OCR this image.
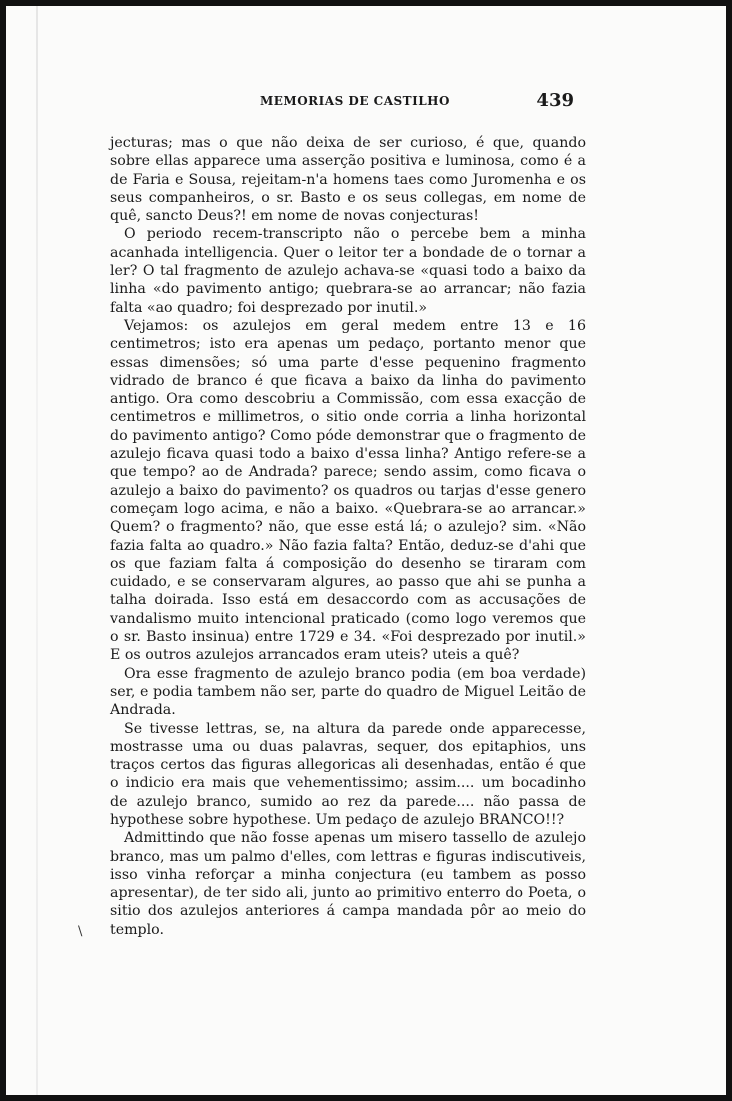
MEMORIAS DE CASTILHO	439

jecturas; mas o que não deixa de ser curioso, é que, quando sobre ellas apparece uma asserção positiva e luminosa, como é a de Faria e Sousa, rejeitam-n'a homens taes como Juromenha e os seus companheiros, o sr. Basto e os seus collegas, em nome de quê, sancto Deus?! em nome de novas conjecturas!

O periodo recem-transcripto não o percebe bem a minha acanhada intelligencia. Quer o leitor ter a bondade de o tornar a ler? O tal fragmento de azulejo achava-se «quasi todo a baixo da linha «do pavimento antigo; quebrara-se ao arrancar; não fazia falta «ao quadro; foi desprezado por inutil.»

Vejamos: os azulejos em geral medem entre 13 e 16 centimetros; isto era apenas um pedaço, portanto menor que essas dimensões; só uma parte d'esse pequenino fragmento vidrado de branco é que ficava a baixo da linha do pavimento antigo. Ora como descobriu a Commissão, com essa exacção de centimetros e millimetros, o sitio onde corria a linha horizontal do pavimento antigo? Como póde demonstrar que o fragmento de azulejo ficava quasi todo a baixo d'essa linha? Antigo refere-se a que tempo? ao de Andrada? parece; sendo assim, como ficava o azulejo a baixo do pavimento? os quadros ou tarjas d'esse genero começam logo acima, e não a baixo. «Quebrara-se ao arrancar.» Quem? o fragmento? não, que esse está lá; o azulejo? sim. «Não fazia falta ao quadro.» Não fazia falta? Então, deduz-se d'ahi que os que faziam falta á composição do desenho se tiraram com cuidado, e se conservaram algures, ao passo que ahi se punha a talha doirada. Isso está em desaccordo com as accusações de vandalismo muito intencional praticado (como logo veremos que o sr. Basto insinua) entre 1729 e 34. «Foi desprezado por inutil.» E os outros azulejos arrancados eram uteis? uteis a quê?

Ora esse fragmento de azulejo branco podia (em boa verdade) ser, e podia tambem não ser, parte do quadro de Miguel Leitão de Andrada.

Se tivesse lettras, se, na altura da parede onde apparecesse, mostrasse uma ou duas palavras, sequer, dos epitaphios, uns traços certos das figuras allegoricas ali desenhadas, então é que o indicio era mais que vehementissimo; assim.... um bocadinho de azulejo branco, sumido ao rez da parede.... não passa de hypothese sobre hypothese. Um pedaço de azulejo BRANCO!!?

Admittindo que não fosse apenas um misero tassello de azulejo branco, mas um palmo d'elles, com lettras e figuras indiscutiveis, isso vinha reforçar a minha conjectura (eu tambem as posso apresentar), de ter sido ali, junto ao primitivo enterro do Poeta, o sitio dos azulejos anteriores á campa mandada pôr ao meio do templo.

\
